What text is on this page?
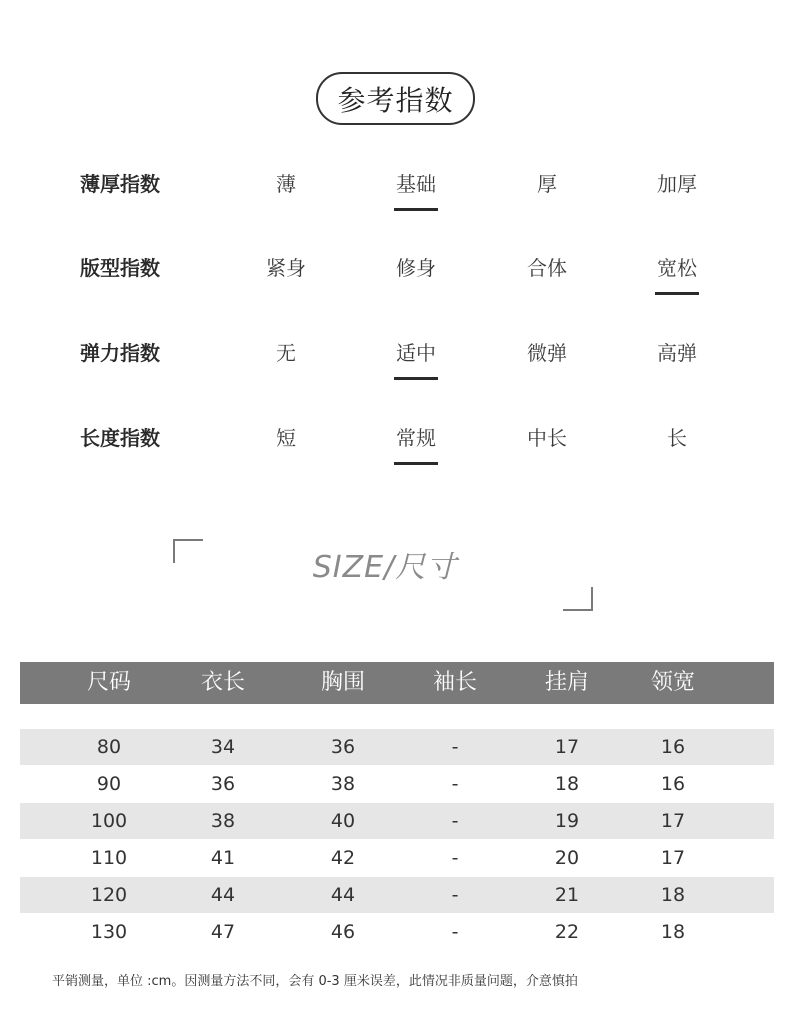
参考指数
薄厚指数	薄	基础	厚	加厚
版型指数	紧身	修身	合体	宽松
弹力指数	无	适中	微弹	高弹
长度指数	短	常规	中长	长
SIZE/尺寸
尺码	衣长	胸围	袖长	挂肩	领宽
80	34	36	-	17	16
90	36	38	-	18	16
100	38	40	-	19	17
110	41	42	-	20	17
120	44	44	-	21	18
130	47	46	-	22	18
平销测量，单位 :cm。因测量方法不同，会有 0-3 厘米误差，此情况非质量问题，介意慎拍
